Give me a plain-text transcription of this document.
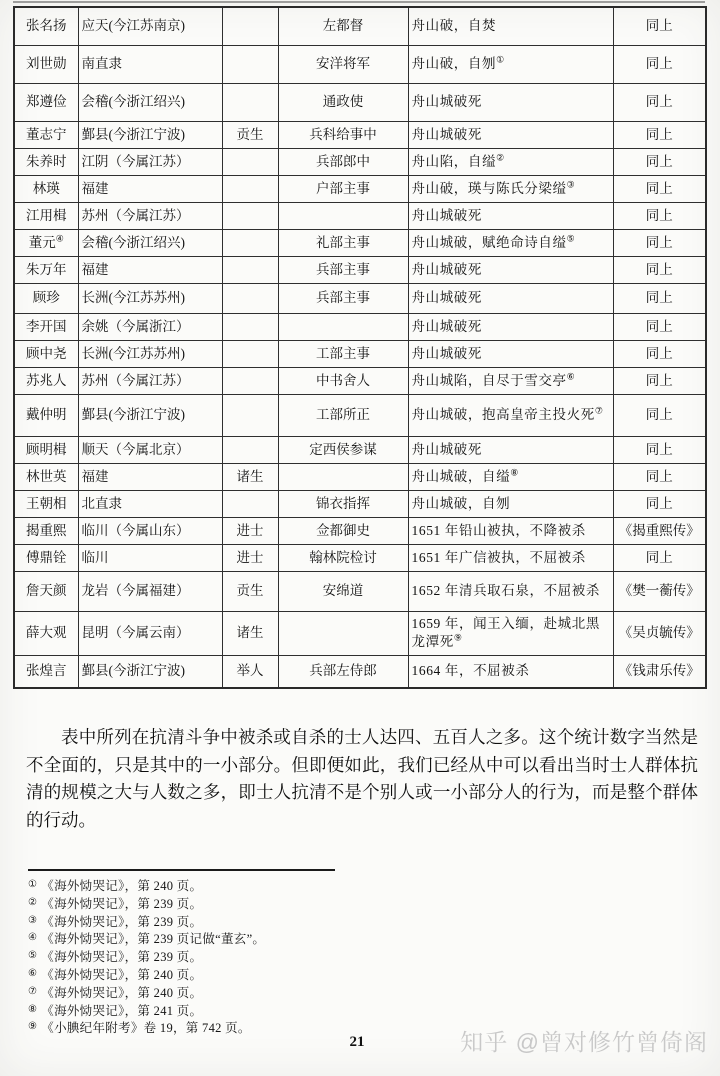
张名扬	应天(今江苏南京)		左都督	舟山破，自焚	同上
刘世勋	南直隶		安洋将军	舟山破，自刎①	同上
郑遵俭	会稽(今浙江绍兴)		通政使	舟山城破死	同上
董志宁	鄞县(今浙江宁波)	贡生	兵科给事中	舟山城破死	同上
朱养时	江阴（今属江苏）		兵部郎中	舟山陷，自缢②	同上
林瑛	福建		户部主事	舟山破，瑛与陈氏分梁缢③	同上
江用楫	苏州（今属江苏）			舟山城破死	同上
董元④	会稽(今浙江绍兴)		礼部主事	舟山城破，赋绝命诗自缢⑤	同上
朱万年	福建		兵部主事	舟山城破死	同上
顾珍	长洲(今江苏苏州)		兵部主事	舟山城破死	同上
李开国	余姚（今属浙江）			舟山城破死	同上
顾中尧	长洲(今江苏苏州)		工部主事	舟山城破死	同上
苏兆人	苏州（今属江苏）		中书舍人	舟山城陷，自尽于雪交亭⑥	同上
戴仲明	鄞县(今浙江宁波)		工部所正	舟山城破，抱高皇帝主投火死⑦	同上
顾明楫	顺天（今属北京）		定西侯参谋	舟山城破死	同上
林世英	福建	诸生		舟山城破，自缢⑧	同上
王朝相	北直隶		锦衣指挥	舟山城破，自刎	同上
揭重熙	临川（今属山东）	进士	佥都御史	1651 年铅山被执，不降被杀	《揭重熙传》
傅鼎铨	临川	进士	翰林院检讨	1651 年广信被执，不屈被杀	同上
詹天颜	龙岩（今属福建）	贡生	安绵道	1652 年清兵取石泉，不屈被杀	《樊一蘅传》
薛大观	昆明（今属云南）	诸生		1659 年，闻王入缅，赴城北黑龙潭死⑨	《吴贞毓传》
张煌言	鄞县(今浙江宁波)	举人	兵部左侍郎	1664 年，不屈被杀	《钱肃乐传》

表中所列在抗清斗争中被杀或自杀的士人达四、五百人之多。这个统计数字当然是不全面的，只是其中的一小部分。但即便如此，我们已经从中可以看出当时士人群体抗清的规模之大与人数之多，即士人抗清不是个别人或一小部分人的行为，而是整个群体的行动。

① 《海外恸哭记》，第 240 页。
② 《海外恸哭记》，第 239 页。
③ 《海外恸哭记》，第 239 页。
④ 《海外恸哭记》，第 239 页记做“董玄”。
⑤ 《海外恸哭记》，第 239 页。
⑥ 《海外恸哭记》，第 240 页。
⑦ 《海外恸哭记》，第 240 页。
⑧ 《海外恸哭记》，第 241 页。
⑨ 《小腆纪年附考》卷 19，第 742 页。
21	知乎 @曾对修竹曾倚阁
